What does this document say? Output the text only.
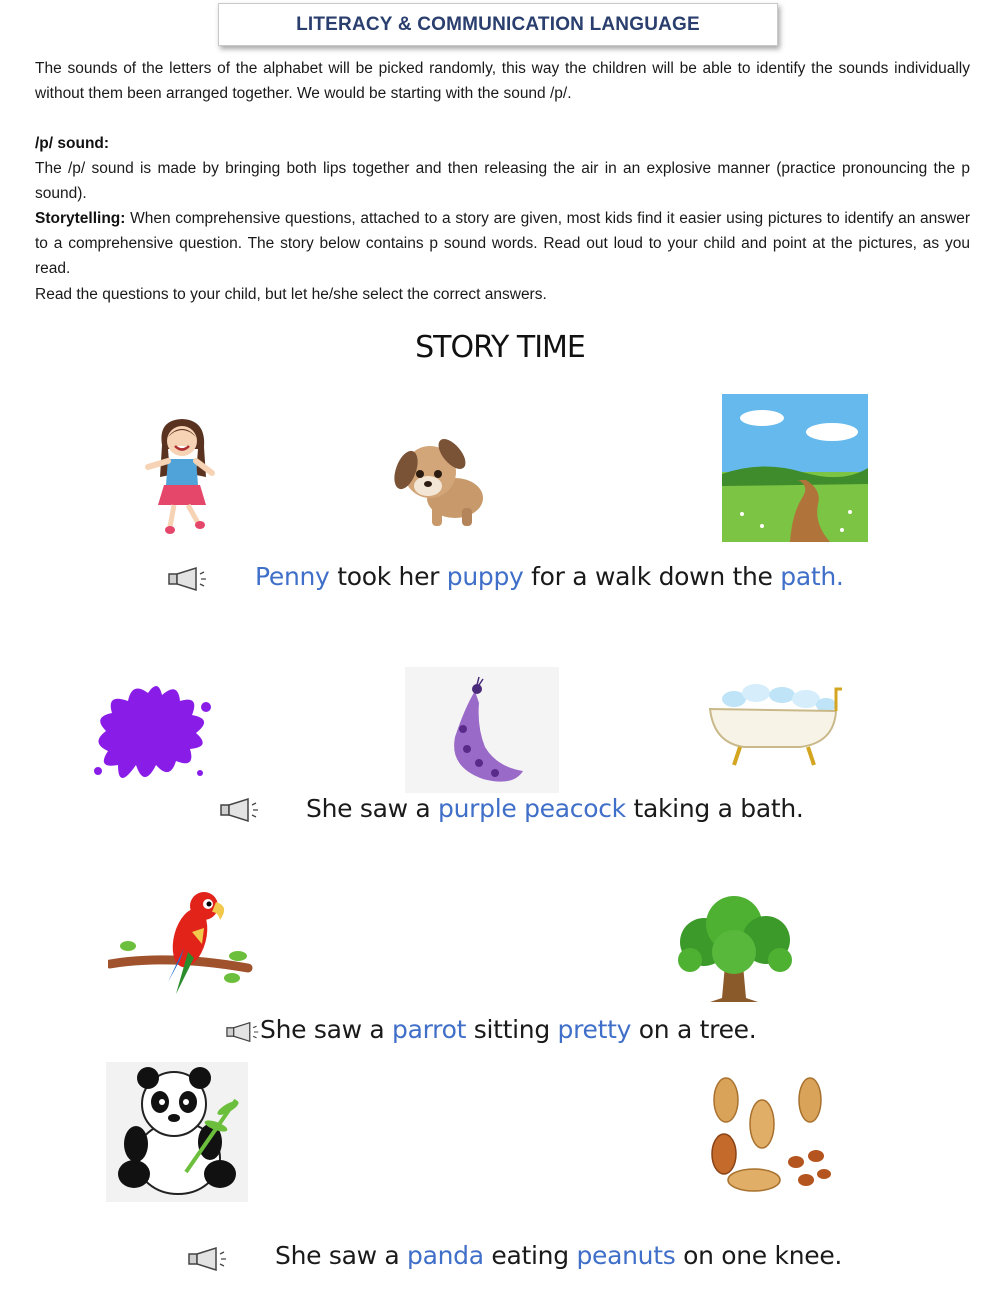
LITERACY & COMMUNICATION LANGUAGE
The sounds of the letters of the alphabet will be picked randomly, this way the children will be able to identify the sounds individually without them been arranged together. We would be starting with the sound /p/.
/p/ sound:
The /p/ sound is made by bringing both lips together and then releasing the air in an explosive manner (practice pronouncing the p sound).
Storytelling: When comprehensive questions, attached to a story are given, most kids find it easier using pictures to identify an answer to a comprehensive question. The story below contains p sound words. Read out loud to your child and point at the pictures, as you read.
Read the questions to your child, but let he/she select the correct answers.
STORY TIME
Penny took her puppy for a walk down the path.
She saw a purple peacock taking a bath.
She saw a parrot sitting pretty on a tree.
She saw a panda eating peanuts on one knee.
